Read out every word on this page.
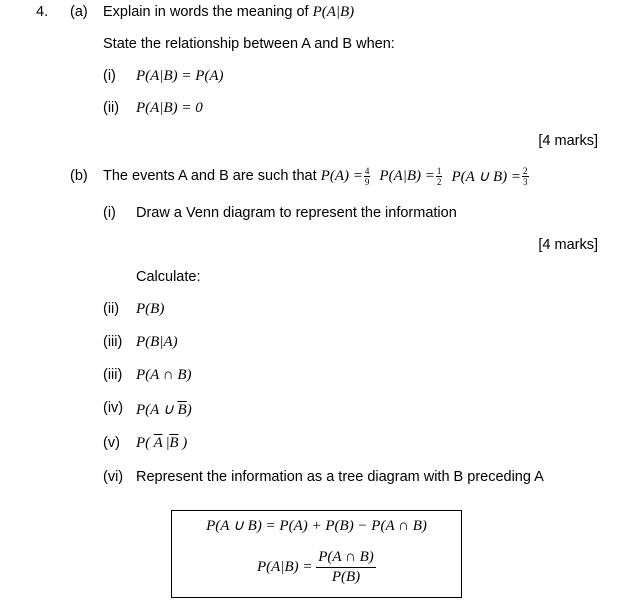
4. (a) Explain in words the meaning of P(A|B)
State the relationship between A and B when:
(i) P(A|B) = P(A)
(ii) P(A|B) = 0
[4 marks]
(b) The events A and B are such that
$P(A) = \frac{4}{9}$
$P(A|B) = \frac{1}{2}$
P(A ∪ $B) = \frac{2}{3}$
(i) Draw a Venn diagram to represent the information
[4 marks]
Calculate:
(ii) P(B)
(iii) P(B|A)
(iii) P(A ∩ B)
(iv) P(A ∪ $\overline{B}$)
(v) P( $\overline{A}$ $|\overline{B}$ )
(vi) Represent the information as a tree diagram with B preceding A
P(A ∪ B) = P(A) + P(B) − P(A ∩ B)
P(A|B) =
$\frac{P(A \cap B)}{P(B)}$
